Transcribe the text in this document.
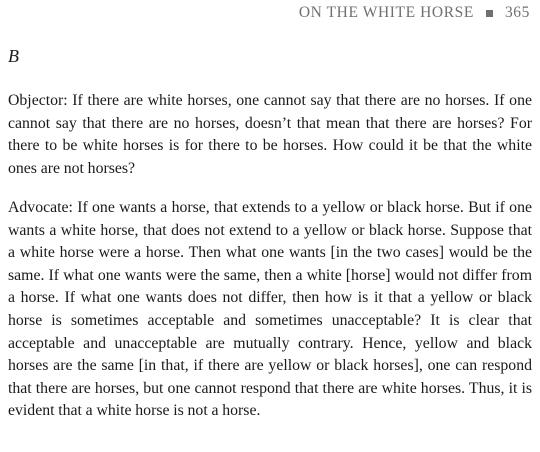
ON THE WHITE HORSE 365
B

Objector: If there are white horses, one cannot say that there are no horses. If one cannot say that there are no horses, doesn’t that mean that there are horses? For there to be white horses is for there to be horses. How could it be that the white ones are not horses?

Advocate: If one wants a horse, that extends to a yellow or black horse. But if one wants a white horse, that does not extend to a yellow or black horse. Suppose that a white horse were a horse. Then what one wants [in the two cases] would be the same. If what one wants were the same, then a white [horse] would not differ from a horse. If what one wants does not differ, then how is it that a yellow or black horse is sometimes acceptable and sometimes unacceptable? It is clear that acceptable and unacceptable are mutually contrary. Hence, yellow and black horses are the same [in that, if there are yellow or black horses], one can respond that there are horses, but one cannot respond that there are white horses. Thus, it is evident that a white horse is not a horse.
